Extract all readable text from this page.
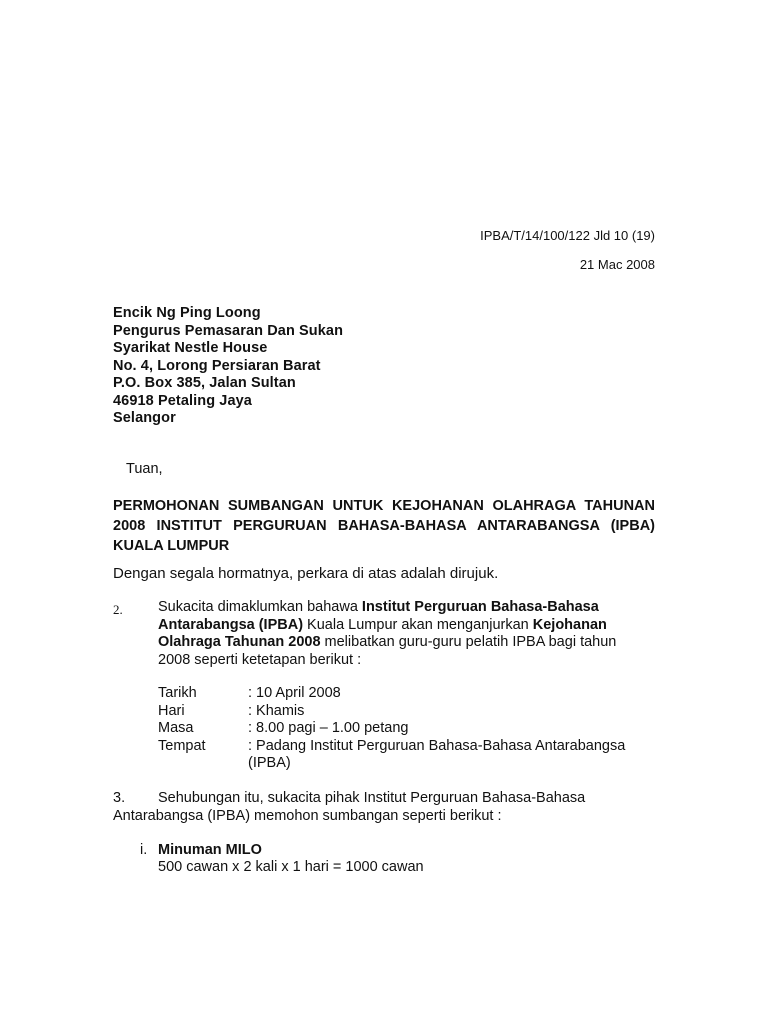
IPBA/T/14/100/122 Jld 10 (19)
21 Mac 2008
Encik Ng Ping Loong
Pengurus Pemasaran Dan Sukan
Syarikat Nestle House
No. 4, Lorong Persiaran Barat
P.O. Box 385, Jalan Sultan
46918 Petaling Jaya
Selangor
Tuan,
PERMOHONAN SUMBANGAN UNTUK KEJOHANAN OLAHRAGA TAHUNAN
2008 INSTITUT PERGURUAN BAHASA-BAHASA ANTARABANGSA (IPBA)
KUALA LUMPUR
Dengan segala hormatnya, perkara di atas adalah dirujuk.
2. Sukacita dimaklumkan bahawa Institut Perguruan Bahasa-Bahasa
Antarabangsa (IPBA) Kuala Lumpur akan menganjurkan Kejohanan
Olahraga Tahunan 2008 melibatkan guru-guru pelatih IPBA bagi tahun
2008 seperti ketetapan berikut :
Tarikh	: 10 April 2008
Hari	: Khamis
Masa	: 8.00 pagi – 1.00 petang
Tempat	: Padang Institut Perguruan Bahasa-Bahasa Antarabangsa
(IPBA)
3. Sehubungan itu, sukacita pihak Institut Perguruan Bahasa-Bahasa
Antarabangsa (IPBA) memohon sumbangan seperti berikut :
i. Minuman MILO
500 cawan x 2 kali x 1 hari = 1000 cawan
